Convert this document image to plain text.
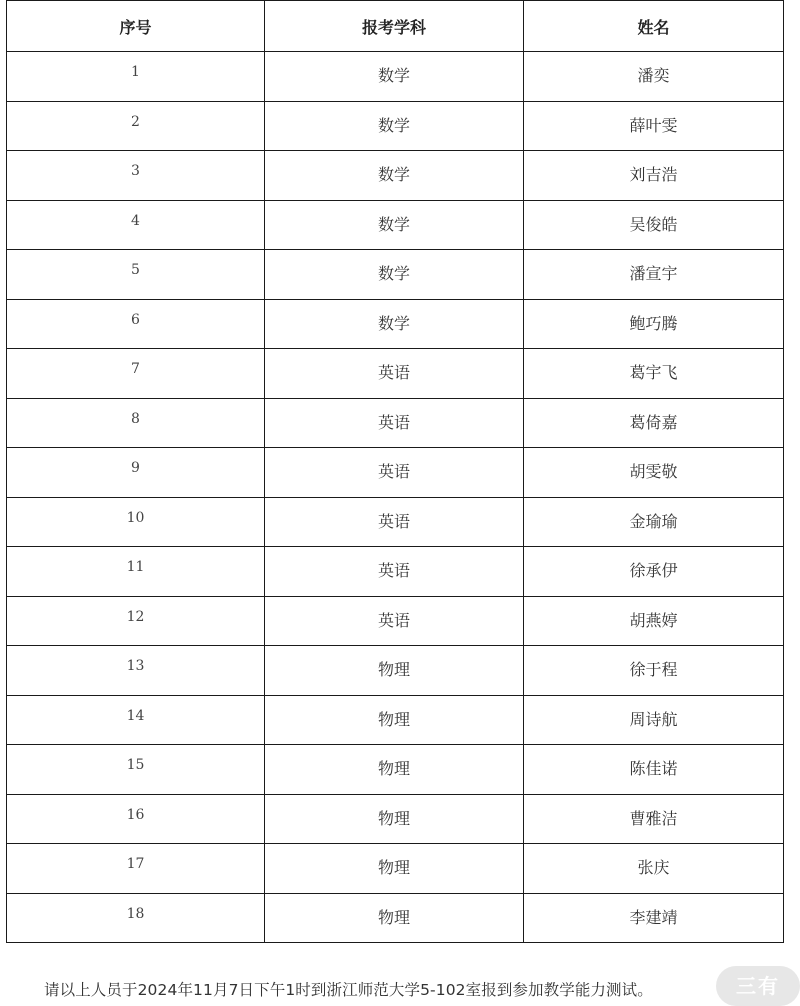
序号	报考学科	姓名
1	数学	潘奕
2	数学	薛叶雯
3	数学	刘吉浩
4	数学	吴俊皓
5	数学	潘宣宇
6	数学	鲍巧腾
7	英语	葛宇飞
8	英语	葛倚嘉
9	英语	胡雯敬
10	英语	金瑜瑜
11	英语	徐承伊
12	英语	胡燕婷
13	物理	徐于程
14	物理	周诗航
15	物理	陈佳诺
16	物理	曹雅洁
17	物理	张庆
18	物理	李建靖
请以上人员于2024年11月7日下午1时到浙江师范大学5-102室报到参加教学能力测试。	三有
